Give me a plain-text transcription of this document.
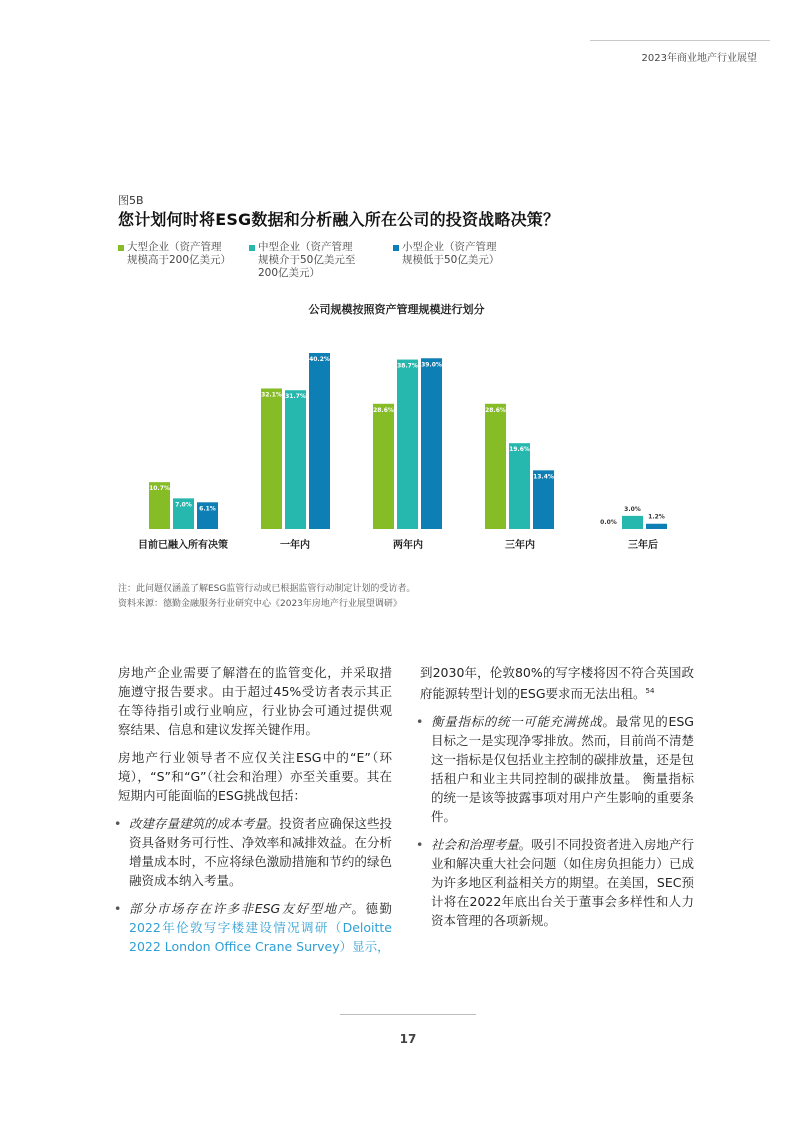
2023年商业地产行业展望
图5B
您计划何时将ESG数据和分析融入所在公司的投资战略决策？
大型企业（资产管理
规模高于200亿美元）
中型企业（资产管理
规模介于50亿美元至
200亿美元）
小型企业（资产管理
规模低于50亿美元）
公司规模按照资产管理规模进行划分
10.7%
7.0%
6.1%
目前已融入所有决策
32.1% 31.7%
40.2%
一年内
28.6%
38.7% 39.0%
两年内
28.6%
19.6%
13.4%
三年内
0.0%
3.0%
1.2%
三年后
注：此问题仅涵盖了解ESG监管行动或已根据监管行动制定计划的受访者。
资料来源：德勤金融服务行业研究中心《2023年房地产行业展望调研》

房地产企业需要了解潜在的监管变化，并采取措施遵守报告要求。由于超过45%受访者表示其正在等待指引或行业响应，行业协会可通过提供观察结果、信息和建议发挥关键作用。

房地产行业领导者不应仅关注ESG中的“E”（环境），“S”和“G”（社会和治理）亦至关重要。其在短期内可能面临的ESG挑战包括：

• 改建存量建筑的成本考量。投资者应确保这些投资具备财务可行性、净效率和减排效益。在分析增量成本时，不应将绿色激励措施和节约的绿色融资成本纳入考量。
• 部分市场存在许多非ESG友好型地产。德勤2022年伦敦写字楼建设情况调研（Deloitte 2022 London Office Crane Survey）显示，

到2030年，伦敦80%的写字楼将因不符合英国政府能源转型计划的ESG要求而无法出租。$^{54}$

• 衡量指标的统一可能充满挑战。最常见的ESG目标之一是实现净零排放。然而，目前尚不清楚这一指标是仅包括业主控制的碳排放量，还是包括租户和业主共同控制的碳排放量。 衡量指标的统一是该等披露事项对用户产生影响的重要条件。
• 社会和治理考量。吸引不同投资者进入房地产行业和解决重大社会问题（如住房负担能力）已成为许多地区利益相关方的期望。在美国，SEC预计将在2022年底出台关于董事会多样性和人力资本管理的各项新规。
17
